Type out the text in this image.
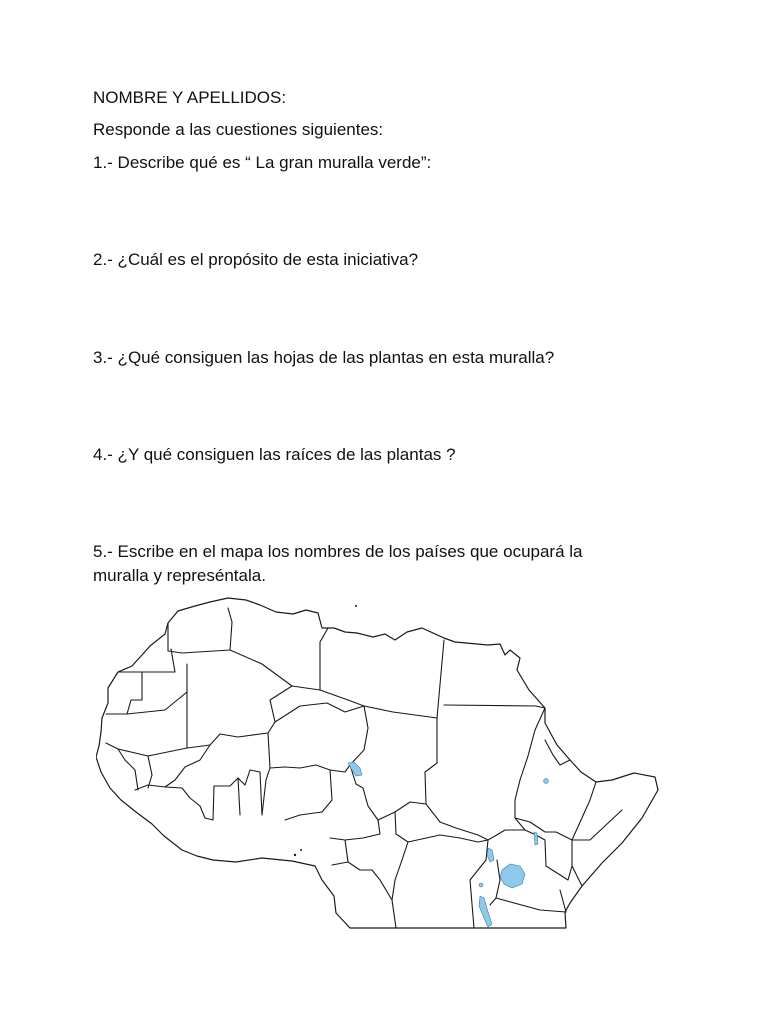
NOMBRE Y APELLIDOS:
Responde a las cuestiones siguientes:
1.- Describe qué es “ La gran muralla verde”:
2.- ¿Cuál es el propósito de esta iniciativa?
3.- ¿Qué consiguen las hojas de las plantas en esta muralla?
4.- ¿Y qué consiguen las raíces de las plantas ?
5.- Escribe en el mapa los nombres de los países que ocupará la
muralla y represéntala.
